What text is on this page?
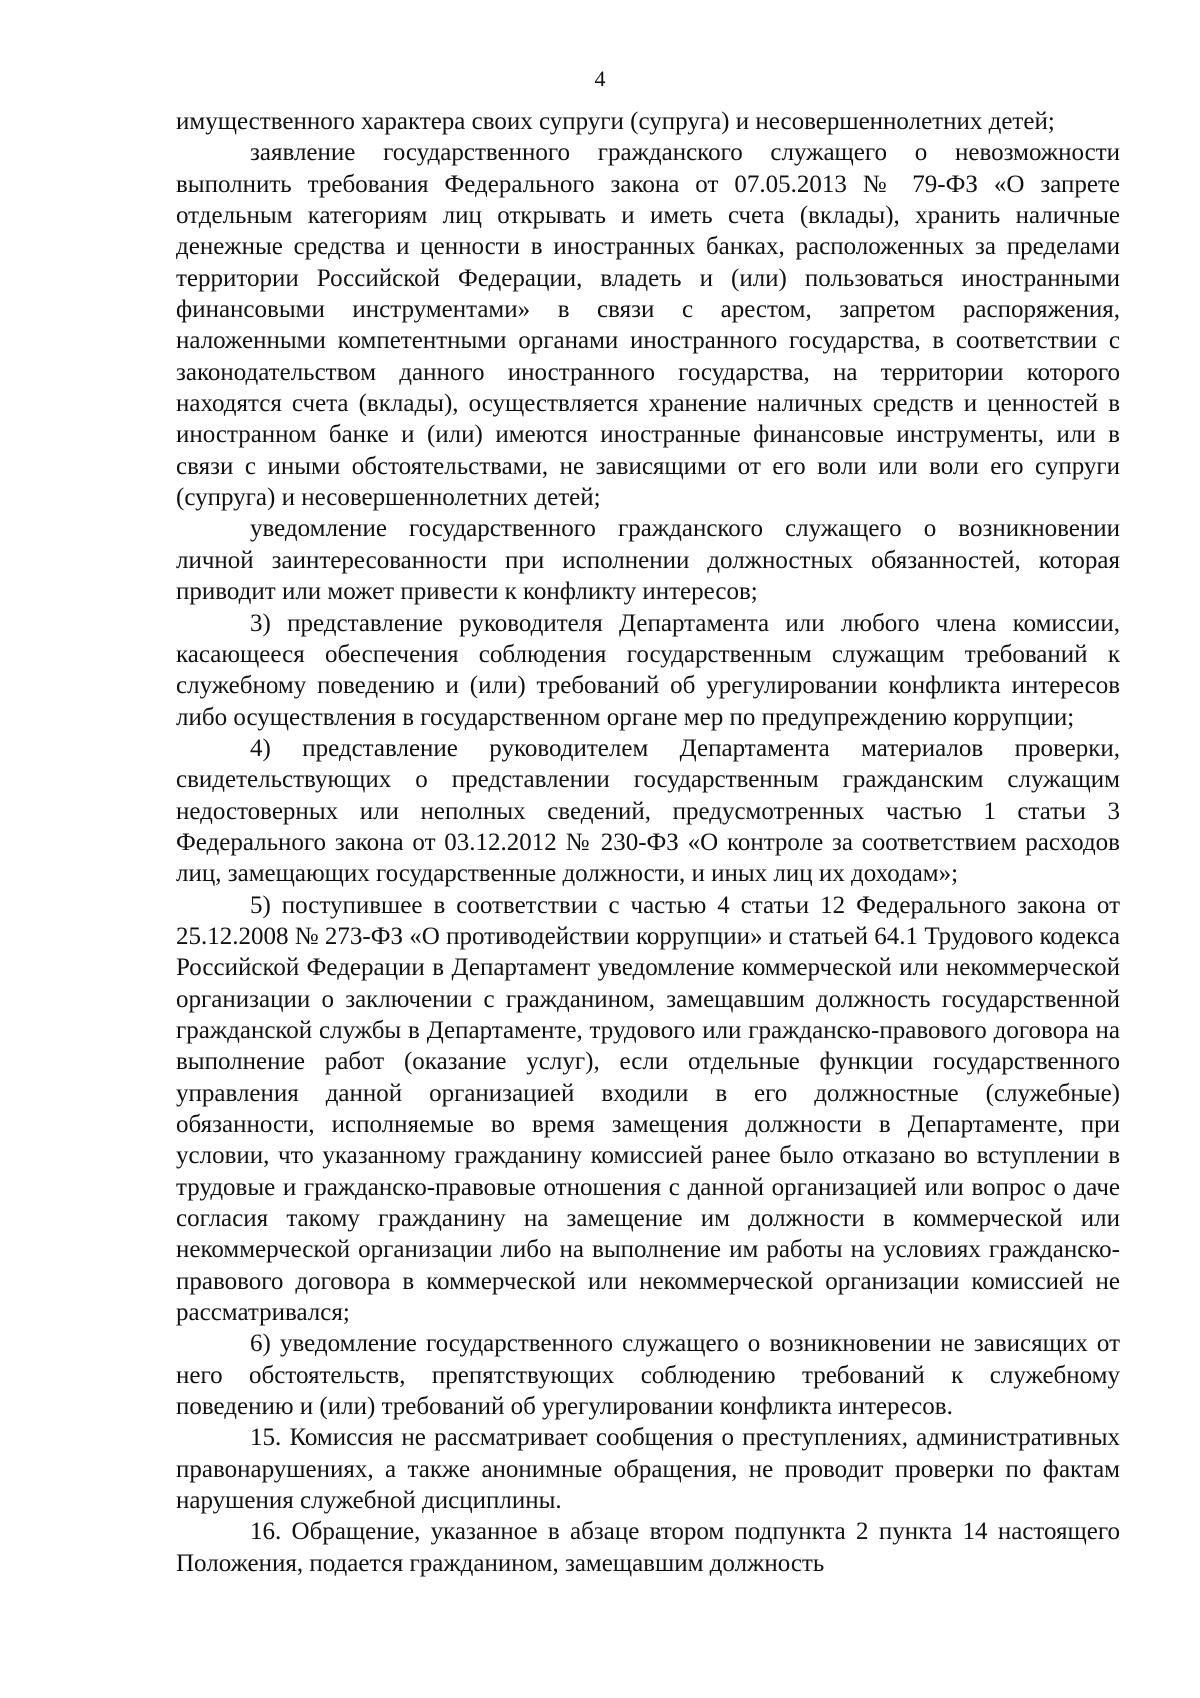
4

имущественного характера своих супруги (супруга) и несовершеннолетних детей;

заявление государственного гражданского служащего о невозможности выполнить требования Федерального закона от 07.05.2013 № 79-ФЗ «О запрете отдельным категориям лиц открывать и иметь счета (вклады), хранить наличные денежные средства и ценности в иностранных банках, расположенных за пределами территории Российской Федерации, владеть и (или) пользоваться иностранными финансовыми инструментами» в связи с арестом, запретом распоряжения, наложенными компетентными органами иностранного государства, в соответствии с законодательством данного иностранного государства, на территории которого находятся счета (вклады), осуществляется хранение наличных средств и ценностей в иностранном банке и (или) имеются иностранные финансовые инструменты, или в связи с иными обстоятельствами, не зависящими от его воли или воли его супруги (супруга) и несовершеннолетних детей;

уведомление государственного гражданского служащего о возникновении личной заинтересованности при исполнении должностных обязанностей, которая приводит или может привести к конфликту интересов;

3) представление руководителя Департамента или любого члена комиссии, касающееся обеспечения соблюдения государственным служащим требований к служебному поведению и (или) требований об урегулировании конфликта интересов либо осуществления в государственном органе мер по предупреждению коррупции;

4) представление руководителем Департамента материалов проверки, свидетельствующих о представлении государственным гражданским служащим недостоверных или неполных сведений, предусмотренных частью 1 статьи 3 Федерального закона от 03.12.2012 № 230-ФЗ «О контроле за соответствием расходов лиц, замещающих государственные должности, и иных лиц их доходам»;

5) поступившее в соответствии с частью 4 статьи 12 Федерального закона от 25.12.2008 № 273-ФЗ «О противодействии коррупции» и статьей 64.1 Трудового кодекса Российской Федерации в Департамент уведомление коммерческой или некоммерческой организации о заключении с гражданином, замещавшим должность государственной гражданской службы в Департаменте, трудового или гражданско-правового договора на выполнение работ (оказание услуг), если отдельные функции государственного управления данной организацией входили в его должностные (служебные) обязанности, исполняемые во время замещения должности в Департаменте, при условии, что указанному гражданину комиссией ранее было отказано во вступлении в трудовые и гражданско-правовые отношения с данной организацией или вопрос о даче согласия такому гражданину на замещение им должности в коммерческой или некоммерческой организации либо на выполнение им работы на условиях гражданско-правового договора в коммерческой или некоммерческой организации комиссией не рассматривался;

6) уведомление государственного служащего о возникновении не зависящих от него обстоятельств, препятствующих соблюдению требований к служебному поведению и (или) требований об урегулировании конфликта интересов.

15. Комиссия не рассматривает сообщения о преступлениях, административных правонарушениях, а также анонимные обращения, не проводит проверки по фактам нарушения служебной дисциплины.

16. Обращение, указанное в абзаце втором подпункта 2 пункта 14 настоящего Положения, подается гражданином, замещавшим должность
